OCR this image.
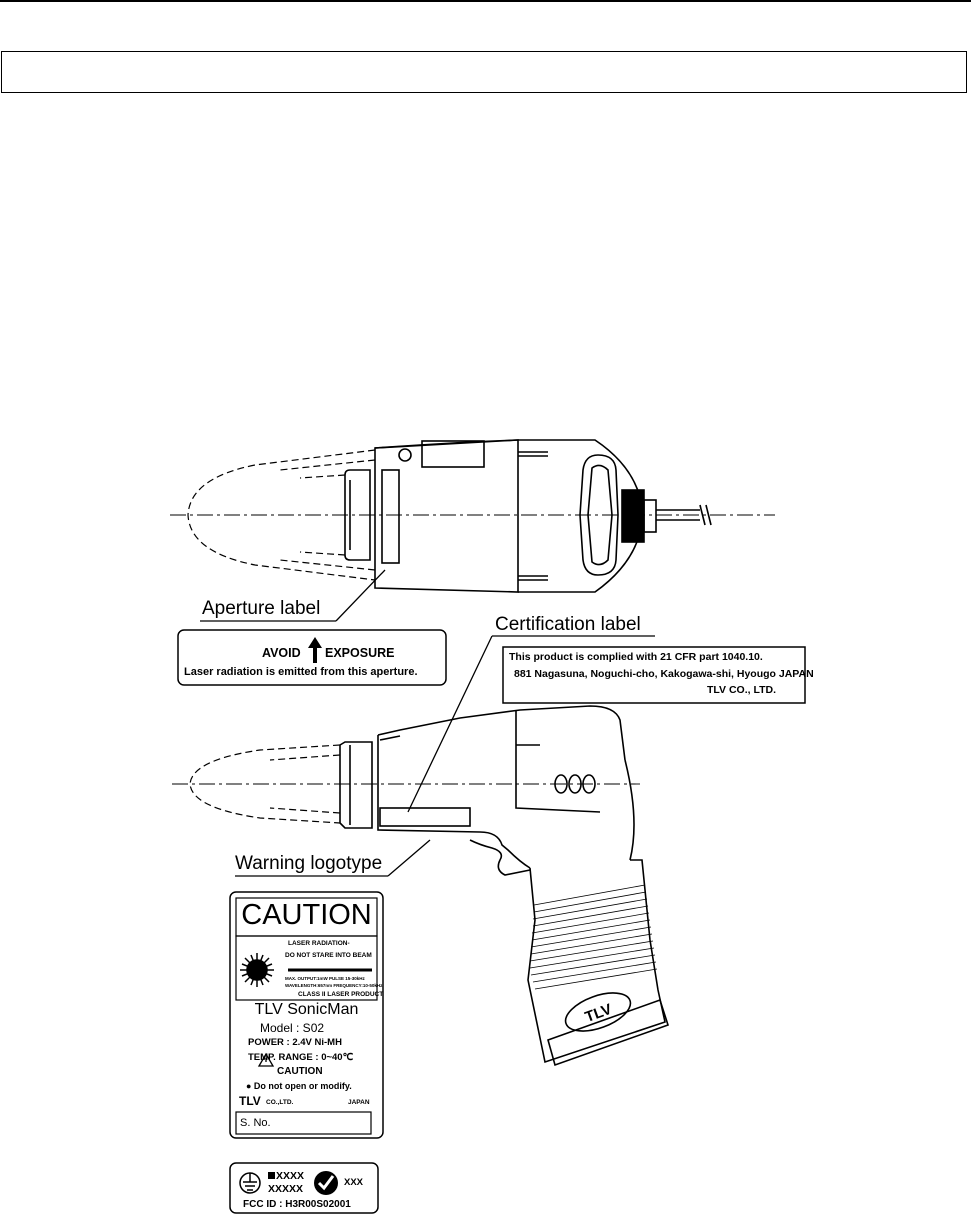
TLV
Aperture label
Certification label
Warning logotype
AVOID EXPOSURE
Laser radiation is emitted from this aperture.
This product is complied with 21 CFR part 1040.10.
881 Nagasuna, Noguchi-cho, Kakogawa-shi, Hyougo JAPAN
TLV CO., LTD.
CAUTION
LASER RADIATION-
DO NOT STARE INTO BEAM
MAX. OUTPUT:1mW PULSE 15-30kHz
WAVELENGTH:657nm FREQUENCY:10-50kHz
CLASS II LASER PRODUCT
TLV SonicMan
Model : S02
POWER : 2.4V Ni-MH
TEMP. RANGE : 0~40℃
CAUTION
● Do not open or modify.
TLV CO.,LTD.	JAPAN
S. No.
XXXX
XXXXX
XXX
FCC ID : H3R00S02001
